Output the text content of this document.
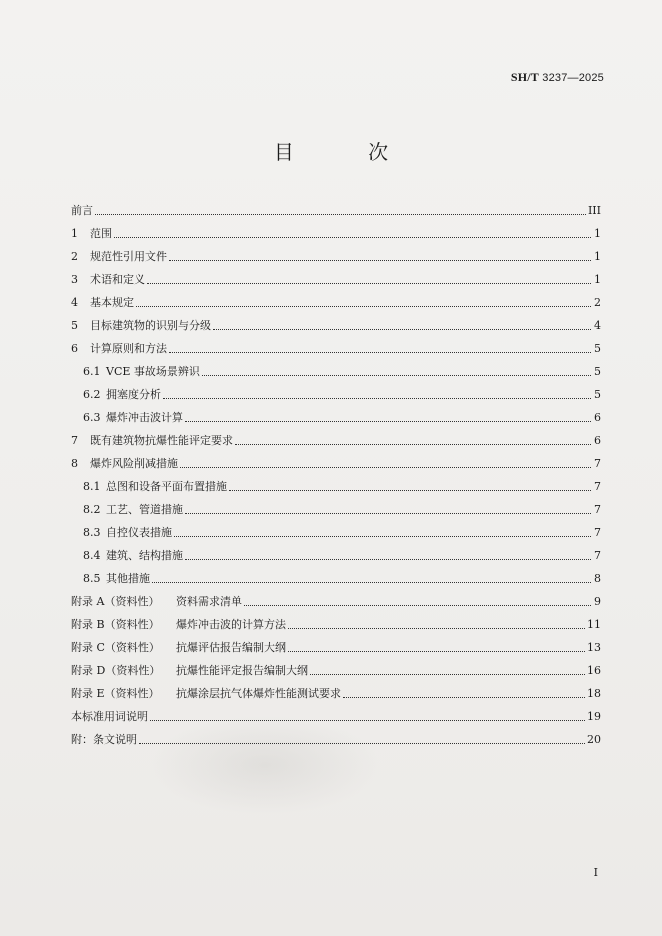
SH/T 3237—2025
目 次
前言	III
1	范围	1
2	规范性引用文件	1
3	术语和定义	1
4	基本规定	2
5	目标建筑物的识别与分级	4
6	计算原则和方法	5
6.1 VCE 事故场景辨识	5
6.2 拥塞度分析	5
6.3 爆炸冲击波计算	6
7	既有建筑物抗爆性能评定要求	6
8	爆炸风险削减措施	7
8.1 总图和设备平面布置措施	7
8.2 工艺、管道措施	7
8.3 自控仪表措施	7
8.4 建筑、结构措施	7
8.5 其他措施	8
附录 A（资料性）	资料需求清单	9
附录 B（资料性）	爆炸冲击波的计算方法	11
附录 C（资料性）	抗爆评估报告编制大纲	13
附录 D（资料性）	抗爆性能评定报告编制大纲	16
附录 E（资料性）	抗爆涂层抗气体爆炸性能测试要求	18
本标准用词说明	19
附：条文说明	20
I
